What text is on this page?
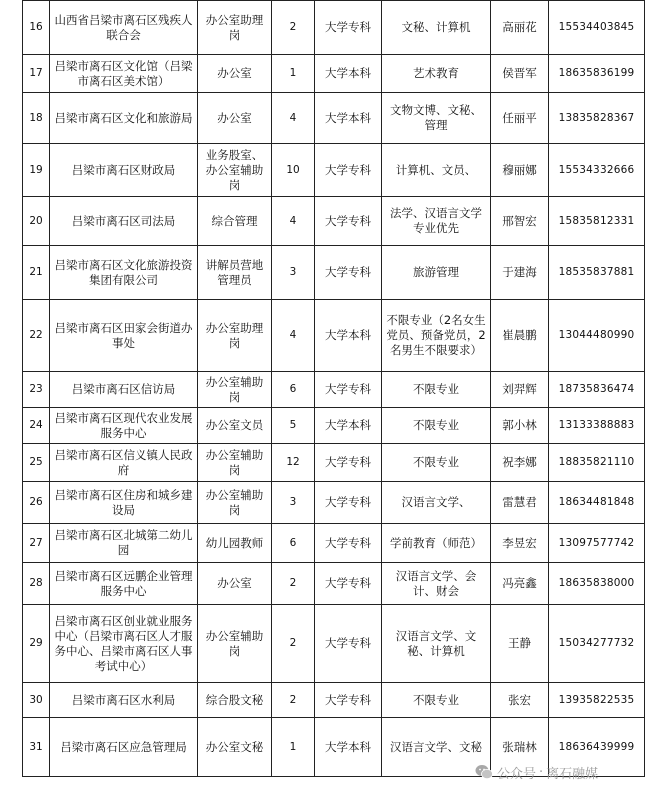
16	山西省吕梁市离石区残疾人联合会	办公室助理岗	2	大学专科	文秘、计算机	高丽花	15534403845
17	吕梁市离石区文化馆（吕梁市离石区美术馆）	办公室	1	大学本科	艺术教育	侯晋军	18635836199
18	吕梁市离石区文化和旅游局	办公室	4	大学本科	文物文博、文秘、管理	任丽平	13835828367
19	吕梁市离石区财政局	业务股室、办公室辅助岗	10	大学专科	计算机、文员、	穆丽娜	15534332666
20	吕梁市离石区司法局	综合管理	4	大学专科	法学、汉语言文学专业优先	邢智宏	15835812331
21	吕梁市离石区文化旅游投资集团有限公司	讲解员营地管理员	3	大学专科	旅游管理	于建海	18535837881
22	吕梁市离石区田家会街道办事处	办公室助理岗	4	大学本科	不限专业（2名女生党员、预备党员，2名男生不限要求）	崔晨鹏	13044480990
23	吕梁市离石区信访局	办公室辅助岗	6	大学专科	不限专业	刘羿辉	18735836474
24	吕梁市离石区现代农业发展服务中心	办公室文员	5	大学本科	不限专业	郭小林	13133388883
25	吕梁市离石区信义镇人民政府	办公室辅助岗	12	大学专科	不限专业	祝李娜	18835821110
26	吕梁市离石区住房和城乡建设局	办公室辅助岗	3	大学专科	汉语言文学、	雷慧君	18634481848
27	吕梁市离石区北城第二幼儿园	幼儿园教师	6	大学专科	学前教育（师范）	李昱宏	13097577742
28	吕梁市离石区远鹏企业管理服务中心	办公室	2	大学专科	汉语言文学、会计、财会	冯亮鑫	18635838000
29	吕梁市离石区创业就业服务中心（吕梁市离石区人才服务中心、吕梁市离石区人事考试中心）	办公室辅助岗	2	大学专科	汉语言文学、文秘、计算机	王静	15034277732
30	吕梁市离石区水利局	综合股文秘	2	大学专科	不限专业	张宏	13935822535
31	吕梁市离石区应急管理局	办公室文秘	1	大学本科	汉语言文学、文秘	张瑞林	18636439999
公众号 · 离石融媒
